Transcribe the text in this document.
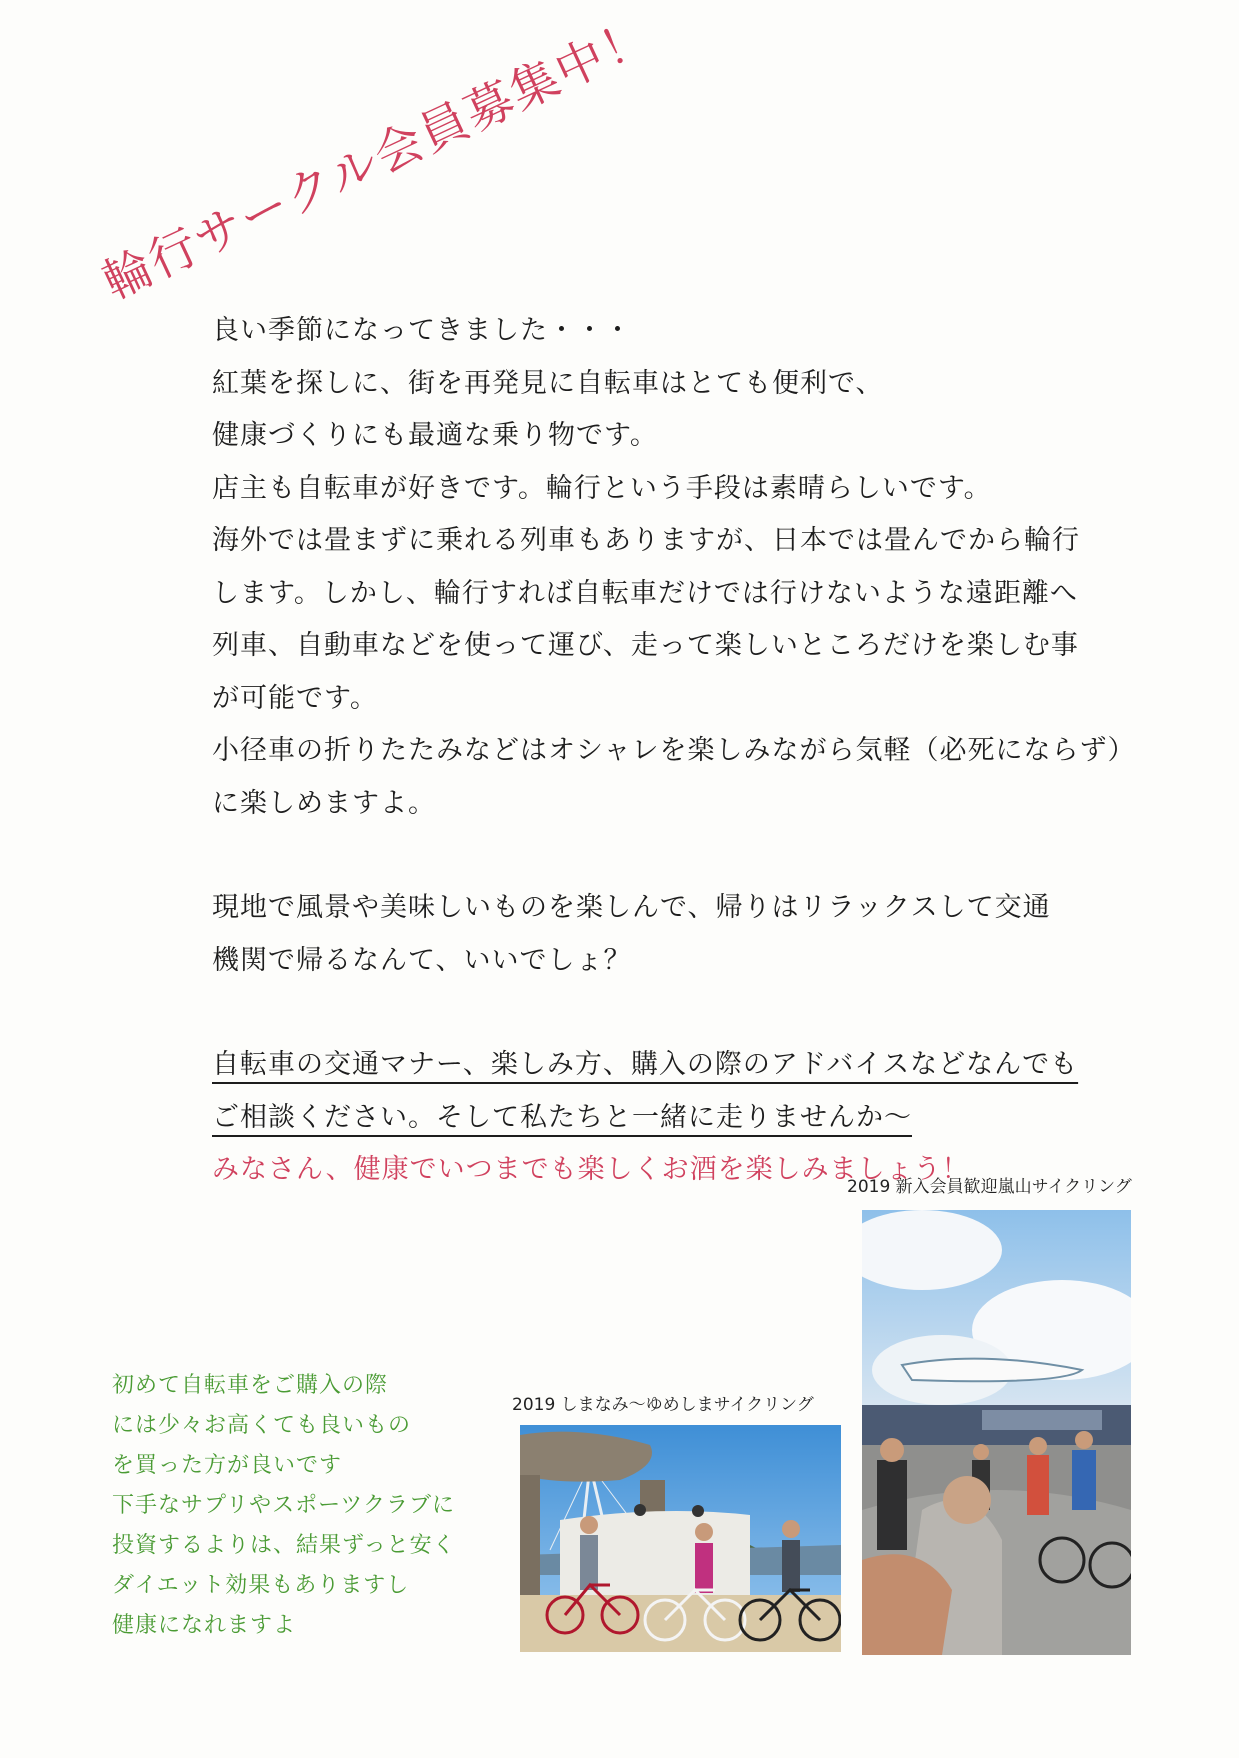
輪行サークル会員募集中！
良い季節になってきました・・・
紅葉を探しに、街を再発見に自転車はとても便利で、
健康づくりにも最適な乗り物です。
店主も自転車が好きです。輪行という手段は素晴らしいです。
海外では畳まずに乗れる列車もありますが、日本では畳んでから輪行
します。しかし、輪行すれば自転車だけでは行けないような遠距離へ
列車、自動車などを使って運び、走って楽しいところだけを楽しむ事
が可能です。
小径車の折りたたみなどはオシャレを楽しみながら気軽（必死にならず）
に楽しめますよ。
現地で風景や美味しいものを楽しんで、帰りはリラックスして交通
機関で帰るなんて、いいでしょ？
自転車の交通マナー、楽しみ方、購入の際のアドバイスなどなんでも
ご相談ください。そして私たちと一緒に走りませんか～
みなさん、健康でいつまでも楽しくお酒を楽しみましょう！
2019 新入会員歓迎嵐山サイクリング
2019 しまなみ～ゆめしまサイクリング
初めて自転車をご購入の際
には少々お高くても良いもの
を買った方が良いです
下手なサプリやスポーツクラブに
投資するよりは、結果ずっと安く
ダイエット効果もありますし
健康になれますよ
